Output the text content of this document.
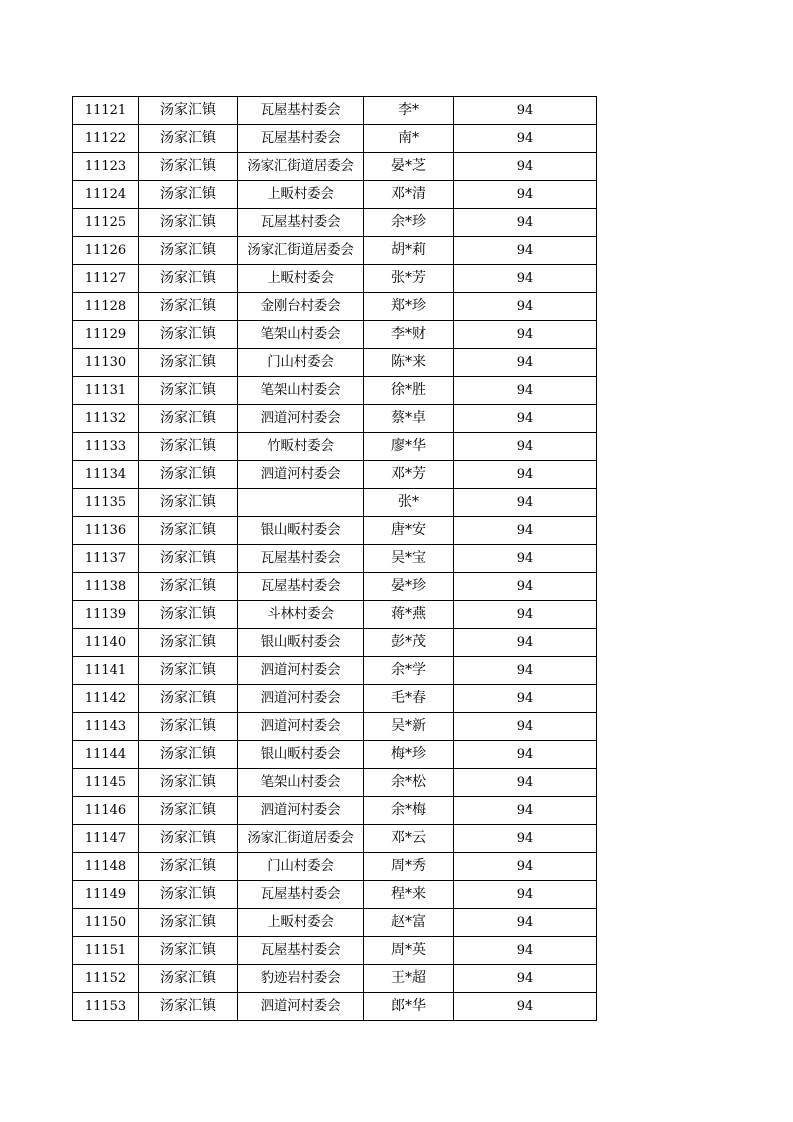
11121	汤家汇镇	瓦屋基村委会	李*	94
11122	汤家汇镇	瓦屋基村委会	南*	94
11123	汤家汇镇	汤家汇街道居委会	晏*芝	94
11124	汤家汇镇	上畈村委会	邓*清	94
11125	汤家汇镇	瓦屋基村委会	余*珍	94
11126	汤家汇镇	汤家汇街道居委会	胡*莉	94
11127	汤家汇镇	上畈村委会	张*芳	94
11128	汤家汇镇	金刚台村委会	郑*珍	94
11129	汤家汇镇	笔架山村委会	李*财	94
11130	汤家汇镇	门山村委会	陈*来	94
11131	汤家汇镇	笔架山村委会	徐*胜	94
11132	汤家汇镇	泗道河村委会	蔡*卓	94
11133	汤家汇镇	竹畈村委会	廖*华	94
11134	汤家汇镇	泗道河村委会	邓*芳	94
11135	汤家汇镇		张*	94
11136	汤家汇镇	银山畈村委会	唐*安	94
11137	汤家汇镇	瓦屋基村委会	吴*宝	94
11138	汤家汇镇	瓦屋基村委会	晏*珍	94
11139	汤家汇镇	斗林村委会	蒋*燕	94
11140	汤家汇镇	银山畈村委会	彭*茂	94
11141	汤家汇镇	泗道河村委会	余*学	94
11142	汤家汇镇	泗道河村委会	毛*春	94
11143	汤家汇镇	泗道河村委会	吴*新	94
11144	汤家汇镇	银山畈村委会	梅*珍	94
11145	汤家汇镇	笔架山村委会	余*松	94
11146	汤家汇镇	泗道河村委会	余*梅	94
11147	汤家汇镇	汤家汇街道居委会	邓*云	94
11148	汤家汇镇	门山村委会	周*秀	94
11149	汤家汇镇	瓦屋基村委会	程*来	94
11150	汤家汇镇	上畈村委会	赵*富	94
11151	汤家汇镇	瓦屋基村委会	周*英	94
11152	汤家汇镇	豹迹岩村委会	王*超	94
11153	汤家汇镇	泗道河村委会	郎*华	94
